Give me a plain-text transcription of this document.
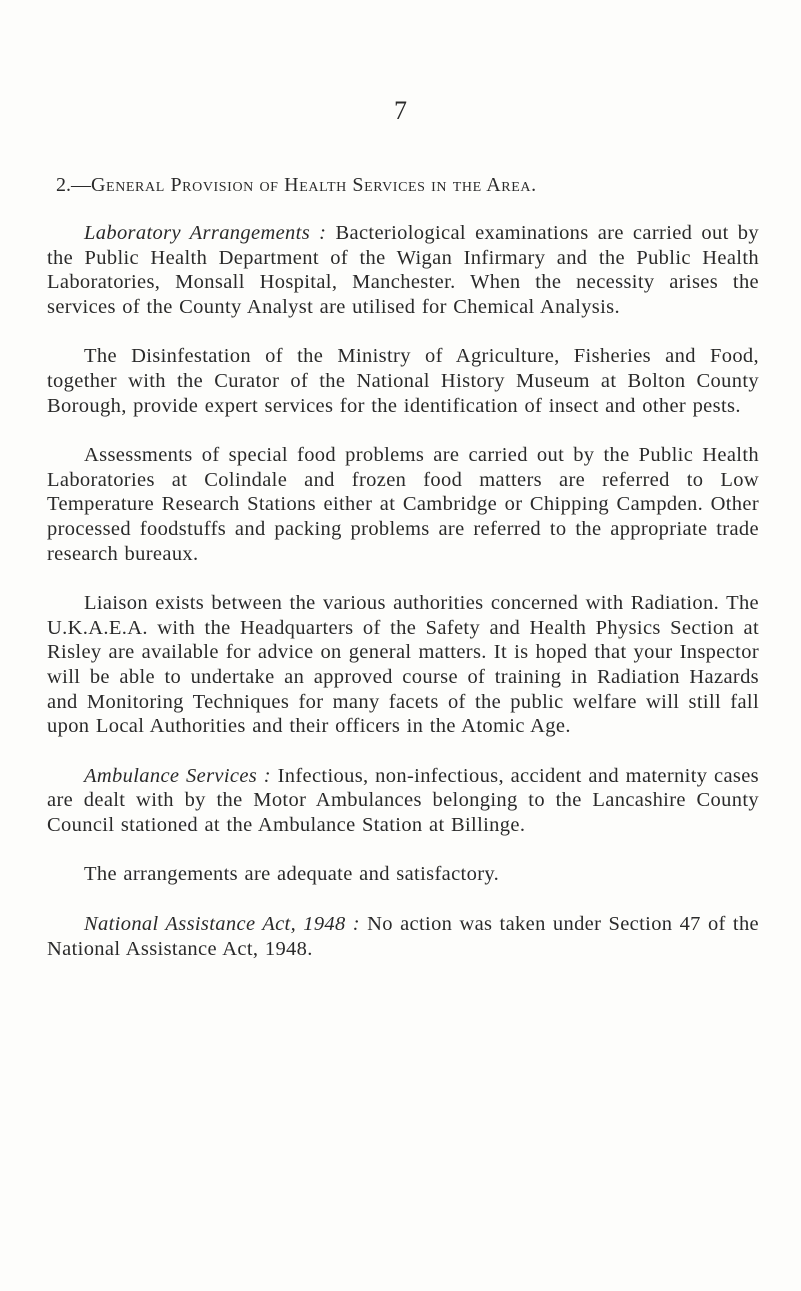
7
2.—General Provision of Health Services in the Area.

Laboratory Arrangements : Bacteriological examinations are carried out by the Public Health Department of the Wigan Infirmary and the Public Health Laboratories, Monsall Hospital, Manchester. When the necessity arises the services of the County Analyst are utilised for Chemical Analysis.

The Disinfestation of the Ministry of Agriculture, Fisheries and Food, together with the Curator of the National History Museum at Bolton County Borough, provide expert services for the identification of insect and other pests.

Assessments of special food problems are carried out by the Public Health Laboratories at Colindale and frozen food matters are referred to Low Temperature Research Stations either at Cambridge or Chipping Campden. Other processed foodstuffs and packing problems are referred to the appropriate trade research bureaux.

Liaison exists between the various authorities concerned with Radiation. The U.K.A.E.A. with the Headquarters of the Safety and Health Physics Section at Risley are available for advice on general matters. It is hoped that your Inspector will be able to undertake an approved course of training in Radiation Hazards and Monitoring Techniques for many facets of the public welfare will still fall upon Local Authorities and their officers in the Atomic Age.

Ambulance Services : Infectious, non-infectious, accident and maternity cases are dealt with by the Motor Ambulances belonging to the Lancashire County Council stationed at the Ambulance Station at Billinge.

The arrangements are adequate and satisfactory.

National Assistance Act, 1948 : No action was taken under Section 47 of the National Assistance Act, 1948.
